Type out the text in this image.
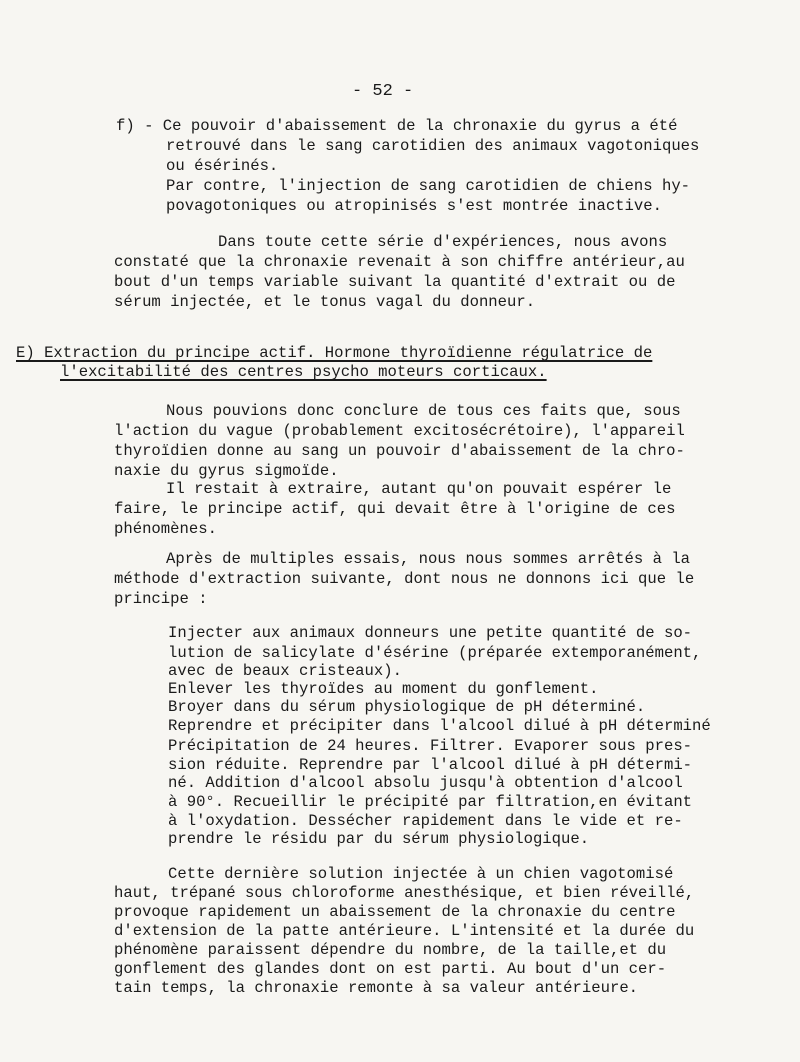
- 52 -
f) - Ce pouvoir d'abaissement de la chronaxie du gyrus a été
retrouvé dans le sang carotidien des animaux vagotoniques
ou ésérinés.
Par contre, l'injection de sang carotidien de chiens hy-
povagotoniques ou atropinisés s'est montrée inactive.
Dans toute cette série d'expériences, nous avons
constaté que la chronaxie revenait à son chiffre antérieur,au
bout d'un temps variable suivant la quantité d'extrait ou de
sérum injectée, et le tonus vagal du donneur.
E) Extraction du principe actif. Hormone thyroïdienne régulatrice de
l'excitabilité des centres psycho moteurs corticaux.
Nous pouvions donc conclure de tous ces faits que, sous
l'action du vague (probablement excitosécrétoire), l'appareil
thyroïdien donne au sang un pouvoir d'abaissement de la chro-
naxie du gyrus sigmoïde.
Il restait à extraire, autant qu'on pouvait espérer le
faire, le principe actif, qui devait être à l'origine de ces
phénomènes.
Après de multiples essais, nous nous sommes arrêtés à la
méthode d'extraction suivante, dont nous ne donnons ici que le
principe :
Injecter aux animaux donneurs une petite quantité de so-
lution de salicylate d'ésérine (préparée extemporanément,
avec de beaux cristeaux).
Enlever les thyroïdes au moment du gonflement.
Broyer dans du sérum physiologique de pH déterminé.
Reprendre et précipiter dans l'alcool dilué à pH déterminé
Précipitation de 24 heures. Filtrer. Evaporer sous pres-
sion réduite. Reprendre par l'alcool dilué à pH détermi-
né. Addition d'alcool absolu jusqu'à obtention d'alcool
à 90°. Recueillir le précipité par filtration,en évitant
à l'oxydation. Dessécher rapidement dans le vide et re-
prendre le résidu par du sérum physiologique.
Cette dernière solution injectée à un chien vagotomisé
haut, trépané sous chloroforme anesthésique, et bien réveillé,
provoque rapidement un abaissement de la chronaxie du centre
d'extension de la patte antérieure. L'intensité et la durée du
phénomène paraissent dépendre du nombre, de la taille,et du
gonflement des glandes dont on est parti. Au bout d'un cer-
tain temps, la chronaxie remonte à sa valeur antérieure.
